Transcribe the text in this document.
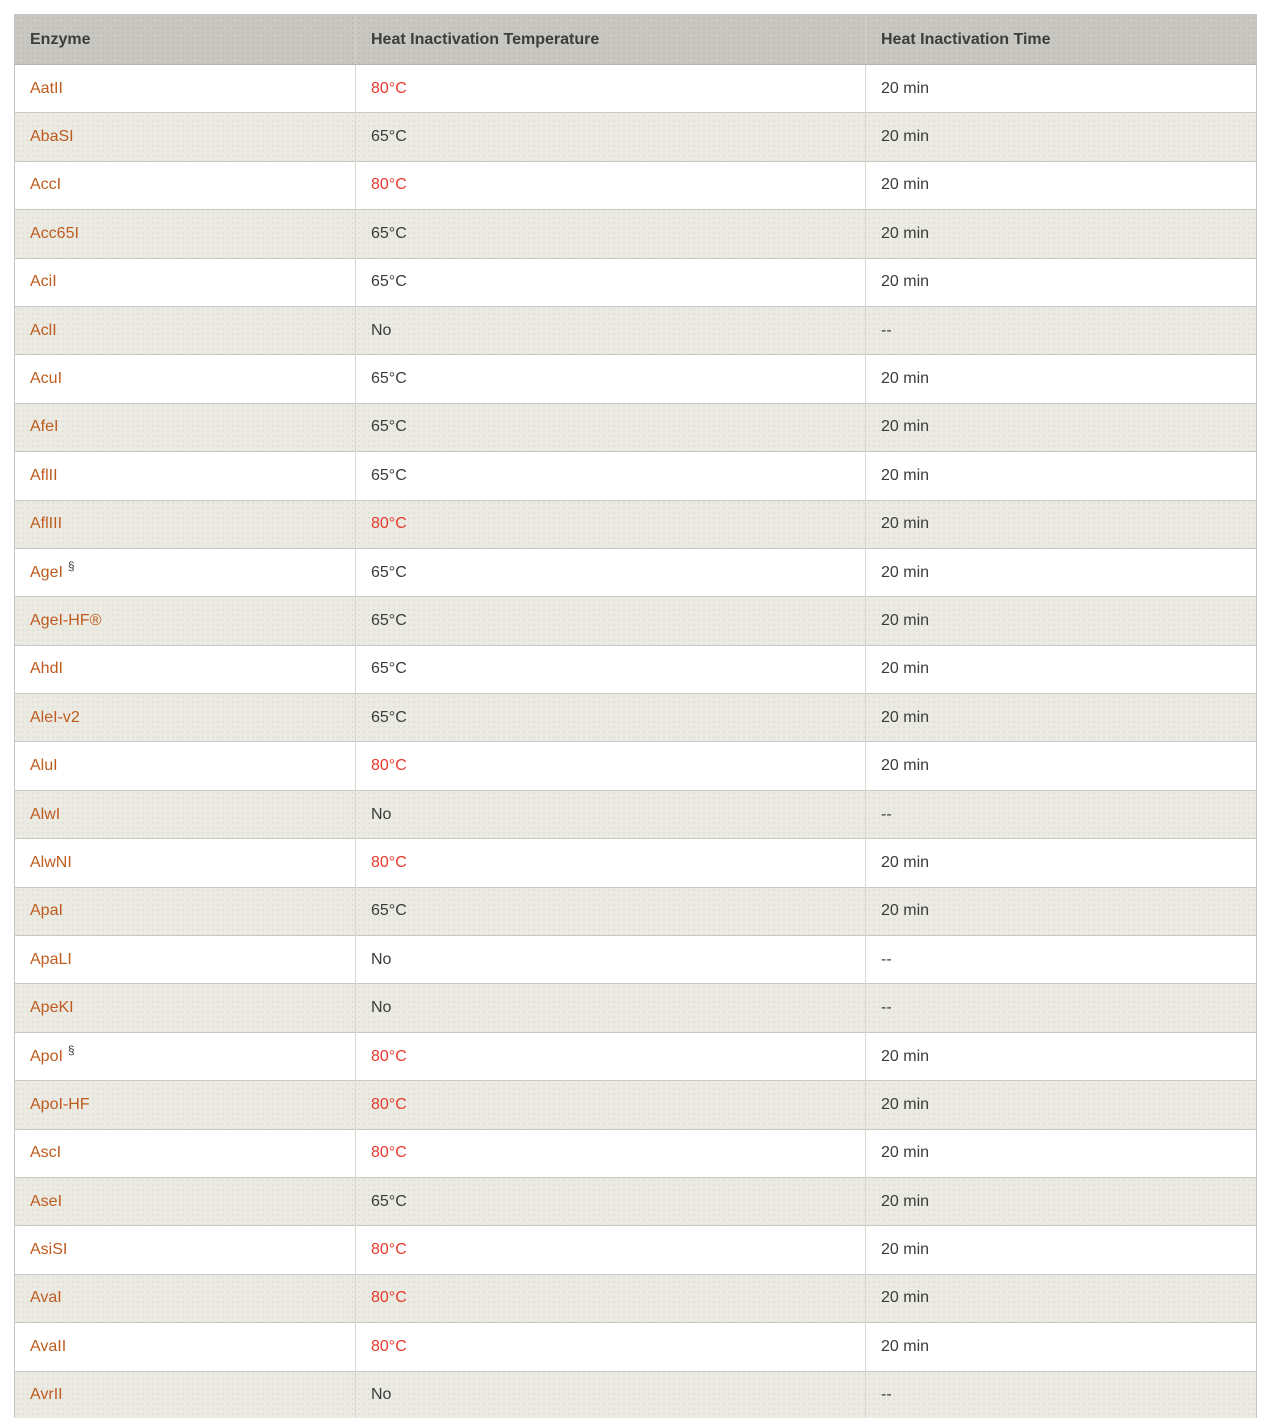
Enzyme	Heat Inactivation Temperature	Heat Inactivation Time
AatII	80°C	20 min
AbaSI	65°C	20 min
AccI	80°C	20 min
Acc65I	65°C	20 min
AciI	65°C	20 min
AclI	No	--
AcuI	65°C	20 min
AfeI	65°C	20 min
AflII	65°C	20 min
AflIII	80°C	20 min
AgeI §	65°C	20 min
AgeI-HF®	65°C	20 min
AhdI	65°C	20 min
AleI-v2	65°C	20 min
AluI	80°C	20 min
AlwI	No	--
AlwNI	80°C	20 min
ApaI	65°C	20 min
ApaLI	No	--
ApeKI	No	--
ApoI §	80°C	20 min
ApoI-HF	80°C	20 min
AscI	80°C	20 min
AseI	65°C	20 min
AsiSI	80°C	20 min
AvaI	80°C	20 min
AvaII	80°C	20 min
AvrII	No	--
